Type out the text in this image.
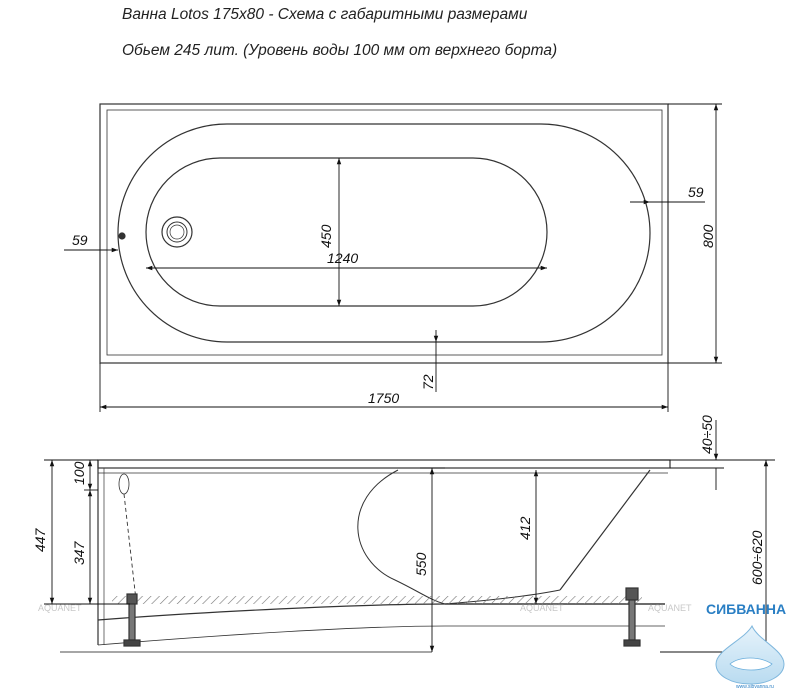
Ванна Lotos 175x80 - Схема с габаритными размерами
Обьем 245 лит. (Уровень воды 100 мм от верхнего борта)
1750
800
1240
450
59
59
72
100
447
347	550
412
40÷50
600÷620
AQUANET	AQUANET	AQUANET СИБВАННА
www.sibvanna.ru
